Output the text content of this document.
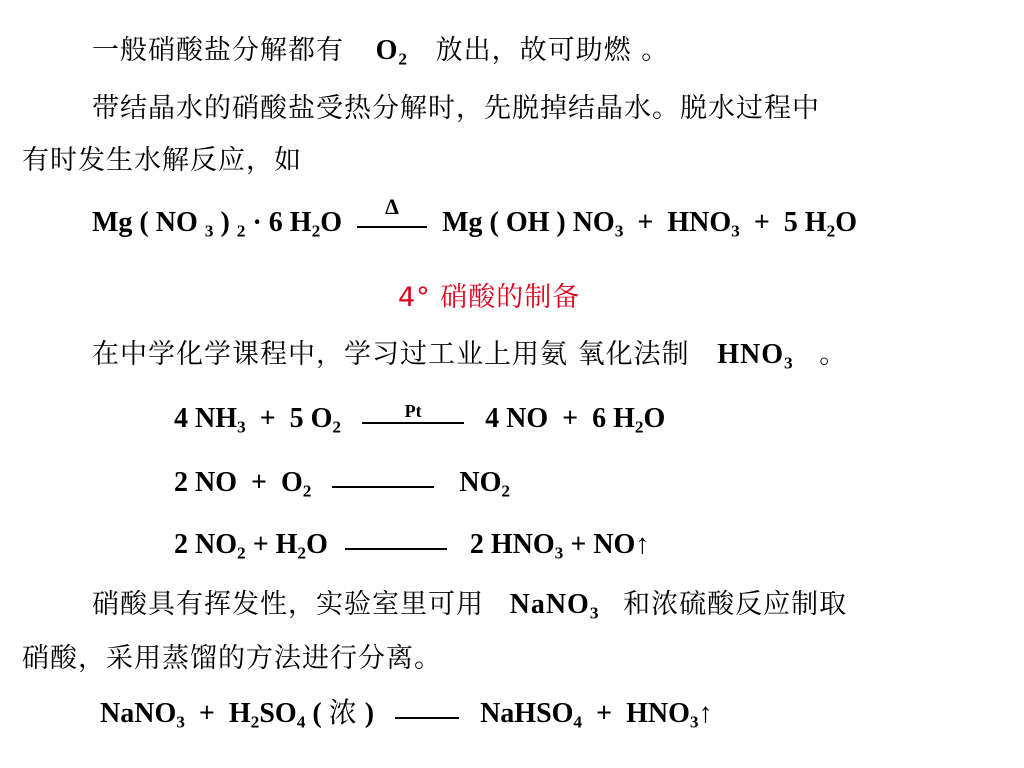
一般硝酸盐分解都有 $O_2$ 放出，故可助燃 。
带结晶水的硝酸盐受热分解时，先脱掉结晶水。脱水过程中
有时发生水解反应，如
Mg ( NO $_3$ ) $_2$ · 6 $H_2O$
Δ
Mg ( OH ) $NO_3 + HNO_3 + 5$ $H_2O$
4° 硝酸的制备
在中学化学课程中，学习过工业上用氨 氧化法制 $HNO_3$ 。
4 $NH_3 + 5$ $O_2$
Pt	4 NO  +  6 $H_2O$
2 NO  +  $O_2$	$NO_2$
2 $NO_2 + H_2O$	2 $HNO_3$ + NO↑
硝酸具有挥发性，实验室里可用 NaNO$_3$ 和浓硫酸反应制取
硝酸，采用蒸馏的方法进行分离。
NaNO$_3$  +  $H_2SO_4$ ( 浓 )	NaHSO$_4$  +  $HNO_3↑$
